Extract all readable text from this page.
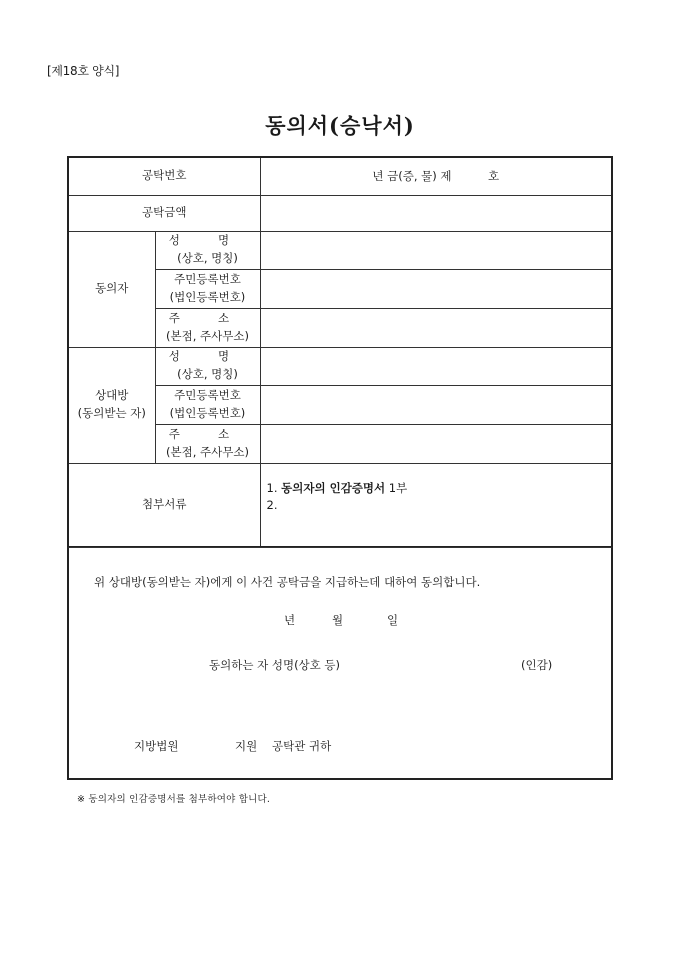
[제18호 양식]
동의서(승낙서)
공탁번호		년 금(증, 물) 제          호
공탁금액		
동의자	성 명
(상호, 명칭)	
	주민등록번호
(법인등록번호)	
	주 소
(본점, 주사무소)	
상대방
(동의받는 자)	성 명
(상호, 명칭)	
	주민등록번호
(법인등록번호)	
	주 소
(본점, 주사무소)	
첨부서류		1. 동의자의 인감증명서 1부
2.
위 상대방(동의받는 자)에게 이 사건 공탁금을 지급하는데 대하여 동의합니다.
년	월	일
동의하는 자 성명(상호 등)	(인감)
지방법원	지원 공탁관 귀하
※ 동의자의 인감증명서를 첨부하여야 합니다.
